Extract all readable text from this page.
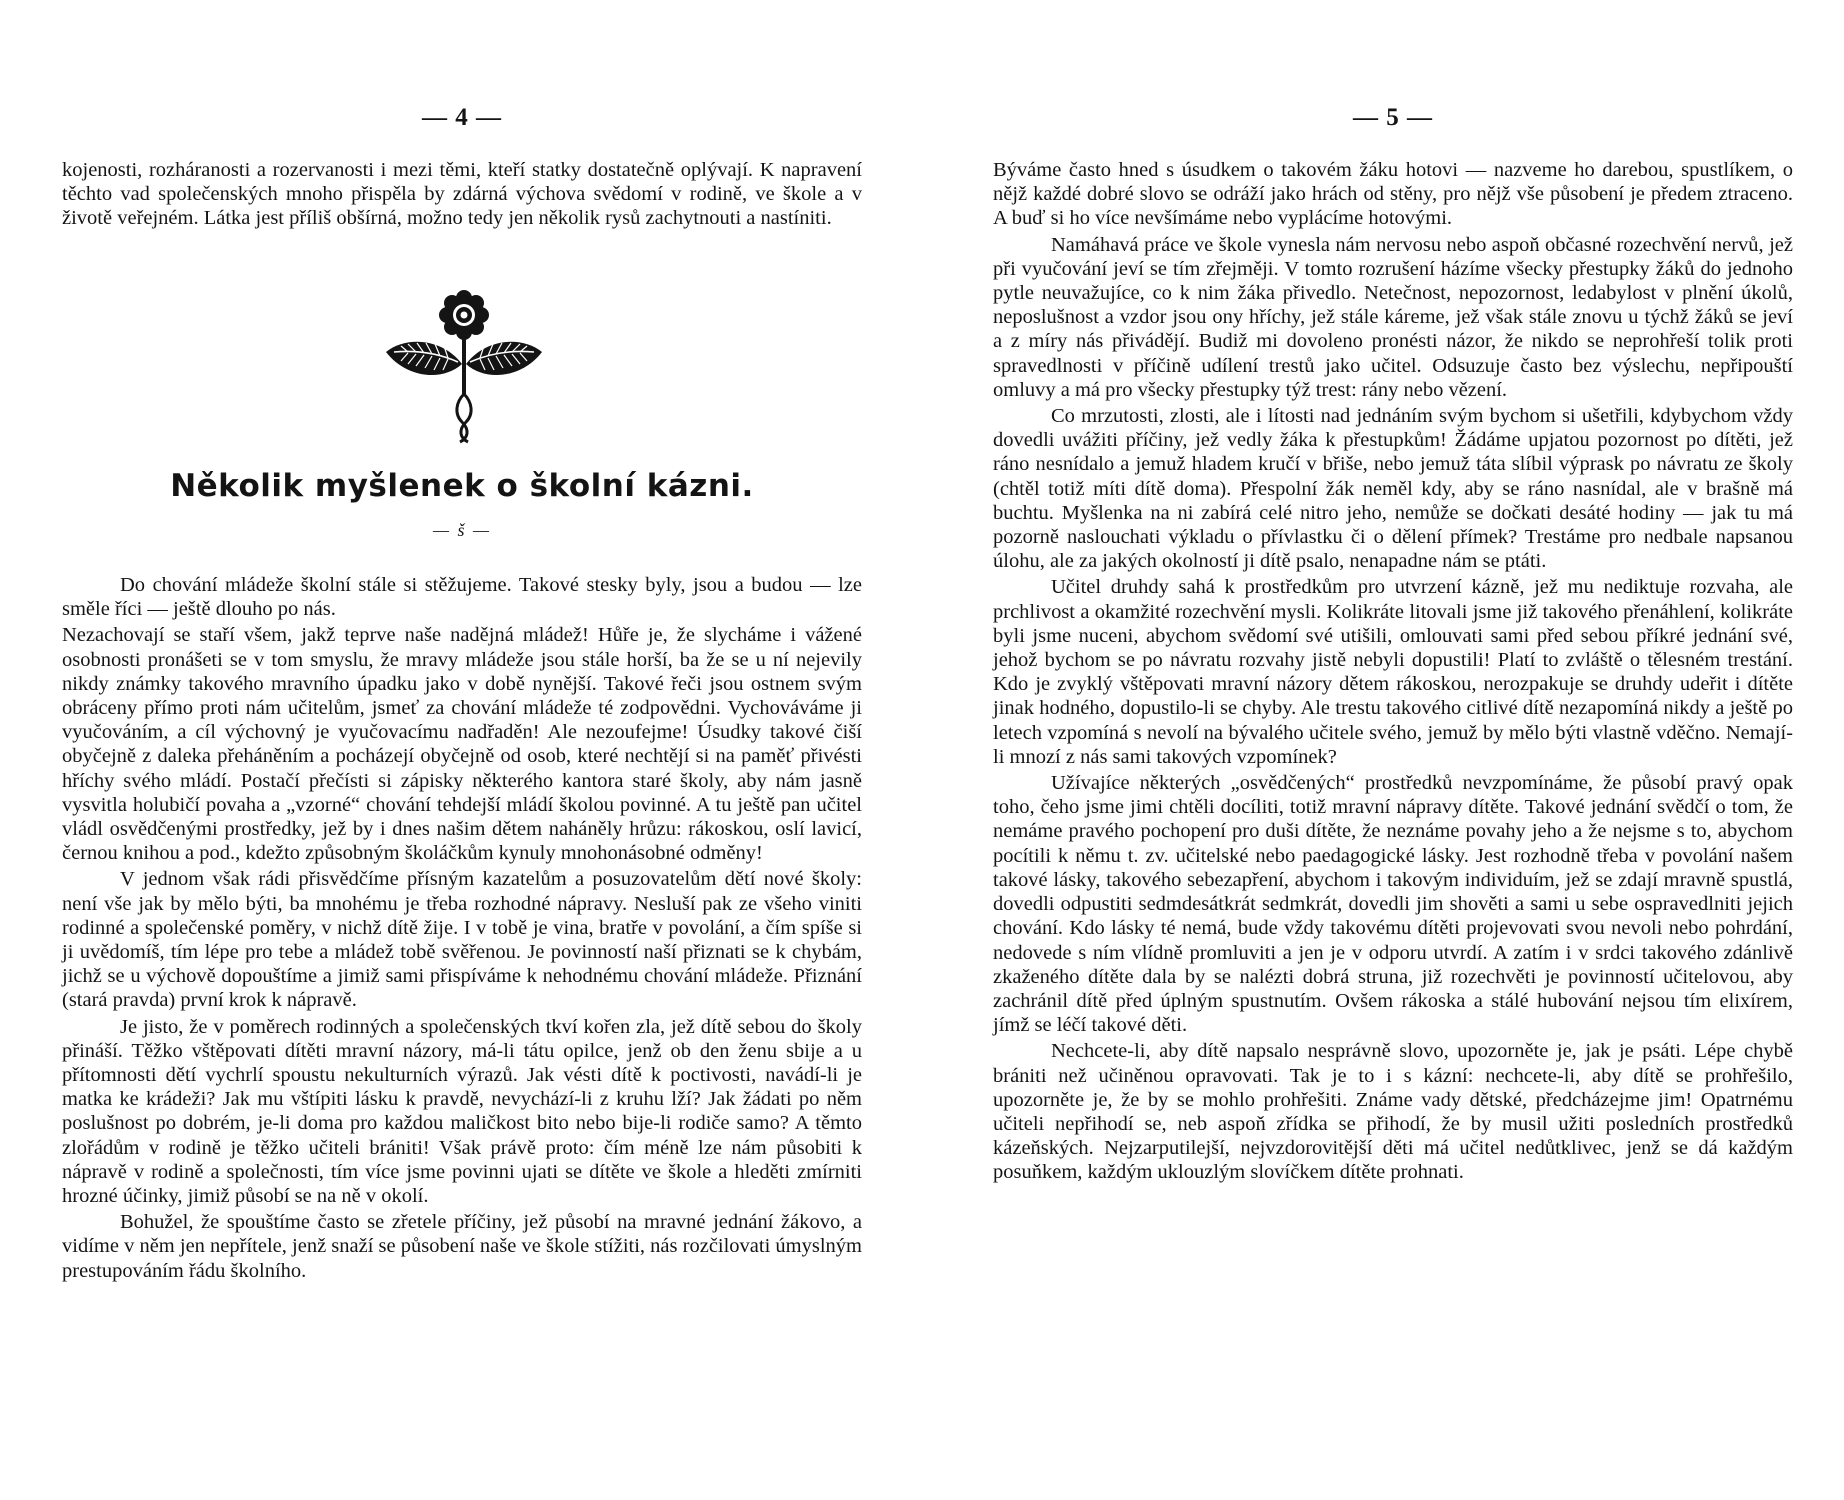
— 4 —

kojenosti, rozháranosti a rozervanosti i mezi těmi, kteří statky dostatečně oplývají. K napravení těchto vad společenských mnoho přispěla by zdárná výchova svědomí v rodině, ve škole a v životě veřejném. Látka jest příliš obšírná, možno tedy jen několik rysů zachytnouti a nastíniti.

Několik myšlenek o školní kázni.
— š —

Do chování mládeže školní stále si stěžujeme. Takové stesky byly, jsou a budou — lze směle říci — ještě dlouho po nás.

Nezachovají se staří všem, jakž teprve naše nadějná mládež! Hůře je, že slycháme i vážené osobnosti pronášeti se v tom smyslu, že mravy mládeže jsou stále horší, ba že se u ní nejevily nikdy známky takového mravního úpadku jako v době nynější. Takové řeči jsou ostnem svým obráceny přímo proti nám učitelům, jsmeť za chování mládeže té zodpovědni. Vychováváme ji vyučováním, a cíl výchovný je vyučovacímu nadřaděn! Ale nezoufejme! Úsudky takové čiší obyčejně z daleka přeháněním a pocházejí obyčejně od osob, které nechtějí si na paměť přivésti hříchy svého mládí. Postačí přečísti si zápisky některého kantora staré školy, aby nám jasně vysvitla holubičí povaha a „vzorné“ chování tehdejší mládí školou povinné. A tu ještě pan učitel vládl osvědčenými prostředky, jež by i dnes našim dětem naháněly hrůzu: rákoskou, oslí lavicí, černou knihou a pod., kdežto způsobným školáčkům kynuly mnohonásobné odměny!

V jednom však rádi přisvědčíme přísným kazatelům a posuzovatelům dětí nové školy: není vše jak by mělo býti, ba mnohému je třeba rozhodné nápravy. Nesluší pak ze všeho viniti rodinné a společenské poměry, v nichž dítě žije. I v tobě je vina, bratře v povolání, a čím spíše si ji uvědomíš, tím lépe pro tebe a mládež tobě svěřenou. Je povinností naší přiznati se k chybám, jichž se u výchově dopouštíme a jimiž sami přispíváme k nehodnému chování mládeže. Přiznání (stará pravda) první krok k nápravě.

Je jisto, že v poměrech rodinných a společenských tkví kořen zla, jež dítě sebou do školy přináší. Těžko vštěpovati dítěti mravní názory, má-li tátu opilce, jenž ob den ženu sbije a u přítomnosti dětí vychrlí spoustu nekulturních výrazů. Jak vésti dítě k poctivosti, navádí-li je matka ke krádeži? Jak mu vštípiti lásku k pravdě, nevychází-li z kruhu lží? Jak žádati po něm poslušnost po dobrém, je-li doma pro každou maličkost bito nebo bije-li rodiče samo? A těmto zlořádům v rodině je těžko učiteli brániti! Však právě proto: čím méně lze nám působiti k nápravě v rodině a společnosti, tím více jsme povinni ujati se dítěte ve škole a hleděti zmírniti hrozné účinky, jimiž působí se na ně v okolí.

Bohužel, že spouštíme často se zřetele příčiny, jež působí na mravné jednání žákovo, a vidíme v něm jen nepřítele, jenž snaží se působení naše ve škole stížiti, nás rozčilovati úmyslným prestupováním řádu školního.

— 5 —

Býváme často hned s úsudkem o takovém žáku hotovi — nazveme ho darebou, spustlíkem, o nějž každé dobré slovo se odráží jako hrách od stěny, pro nějž vše působení je předem ztraceno. A buď si ho více nevšímáme nebo vyplácíme hotovými.

Namáhavá práce ve škole vynesla nám nervosu nebo aspoň občasné rozechvění nervů, jež při vyučování jeví se tím zřejměji. V tomto rozrušení házíme všecky přestupky žáků do jednoho pytle neuvažujíce, co k nim žáka přivedlo. Netečnost, nepozornost, ledabylost v plnění úkolů, neposlušnost a vzdor jsou ony hříchy, jež stále káreme, jež však stále znovu u týchž žáků se jeví a z míry nás přivádějí. Budiž mi dovoleno pronésti názor, že nikdo se neprohřeší tolik proti spravedlnosti v příčině udílení trestů jako učitel. Odsuzuje často bez výslechu, nepřipouští omluvy a má pro všecky přestupky týž trest: rány nebo vězení.

Co mrzutosti, zlosti, ale i lítosti nad jednáním svým bychom si ušetřili, kdybychom vždy dovedli uvážiti příčiny, jež vedly žáka k přestupkům! Žádáme upjatou pozornost po dítěti, jež ráno nesnídalo a jemuž hladem kručí v břiše, nebo jemuž táta slíbil výprask po návratu ze školy (chtěl totiž míti dítě doma). Přespolní žák neměl kdy, aby se ráno nasnídal, ale v brašně má buchtu. Myšlenka na ni zabírá celé nitro jeho, nemůže se dočkati desáté hodiny — jak tu má pozorně naslouchati výkladu o přívlastku či o dělení přímek? Trestáme pro nedbale napsanou úlohu, ale za jakých okolností ji dítě psalo, nenapadne nám se ptáti.

Učitel druhdy sahá k prostředkům pro utvrzení kázně, jež mu nediktuje rozvaha, ale prchlivost a okamžité rozechvění mysli. Kolikráte litovali jsme již takového přenáhlení, kolikráte byli jsme nuceni, abychom svědomí své utišili, omlouvati sami před sebou příkré jednání své, jehož bychom se po návratu rozvahy jistě nebyli dopustili! Platí to zvláště o tělesném trestání. Kdo je zvyklý vštěpovati mravní názory dětem rákoskou, nerozpakuje se druhdy udeřit i dítěte jinak hodného, dopustilo-li se chyby. Ale trestu takového citlivé dítě nezapomíná nikdy a ještě po letech vzpomíná s nevolí na bývalého učitele svého, jemuž by mělo býti vlastně vděčno. Nemají-li mnozí z nás sami takových vzpomínek?

Užívajíce některých „osvědčených“ prostředků nevzpomínáme, že působí pravý opak toho, čeho jsme jimi chtěli docíliti, totiž mravní nápravy dítěte. Takové jednání svědčí o tom, že nemáme pravého pochopení pro duši dítěte, že neznáme povahy jeho a že nejsme s to, abychom pocítili k němu t. zv. učitelské nebo paedagogické lásky. Jest rozhodně třeba v povolání našem takové lásky, takového sebezapření, abychom i takovým individuím, jež se zdají mravně spustlá, dovedli odpustiti sedmdesátkrát sedmkrát, dovedli jim shověti a sami u sebe ospravedlniti jejich chování. Kdo lásky té nemá, bude vždy takovému dítěti projevovati svou nevoli nebo pohrdání, nedovede s ním vlídně promluviti a jen je v odporu utvrdí. A zatím i v srdci takového zdánlivě zkaženého dítěte dala by se nalézti dobrá struna, již rozechvěti je povinností učitelovou, aby zachránil dítě před úplným spustnutím. Ovšem rákoska a stálé hubování nejsou tím elixírem, jímž se léčí takové děti.

Nechcete-li, aby dítě napsalo nesprávně slovo, upozorněte je, jak je psáti. Lépe chybě brániti než učiněnou opravovati. Tak je to i s kázní: nechcete-li, aby dítě se prohřešilo, upozorněte je, že by se mohlo prohřešiti. Známe vady dětské, předcházejme jim! Opatrnému učiteli nepřihodí se, neb aspoň zřídka se přihodí, že by musil užiti posledních prostředků kázeňských. Nejzarputilejší, nejvzdorovitější děti má učitel nedůtklivec, jenž se dá každým posuňkem, každým uklouzlým slovíčkem dítěte prohnati.
